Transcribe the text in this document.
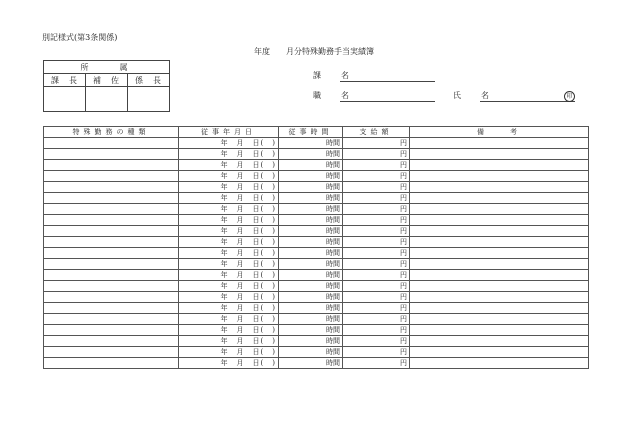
別記様式(第3条関係)
年度　　月分特殊勤務手当実績簿
所　　属		
課　長	補　佐	係　長
			課　名
職　名	氏　名	印
特殊勤務の種類	従事年月日	従事時間	支給額	備　　考
	年　月　日(　)	時間	円	
	年　月　日(　)	時間	円	
	年　月　日(　)	時間	円	
	年　月　日(　)	時間	円	
	年　月　日(　)	時間	円	
	年　月　日(　)	時間	円	
	年　月　日(　)	時間	円	
	年　月　日(　)	時間	円	
	年　月　日(　)	時間	円	
	年　月　日(　)	時間	円	
	年　月　日(　)	時間	円	
	年　月　日(　)	時間	円	
	年　月　日(　)	時間	円	
	年　月　日(　)	時間	円	
	年　月　日(　)	時間	円	
	年　月　日(　)	時間	円	
	年　月　日(　)	時間	円	
	年　月　日(　)	時間	円	
	年　月　日(　)	時間	円	
	年　月　日(　)	時間	円	
	年　月　日(　)	時間	円	
